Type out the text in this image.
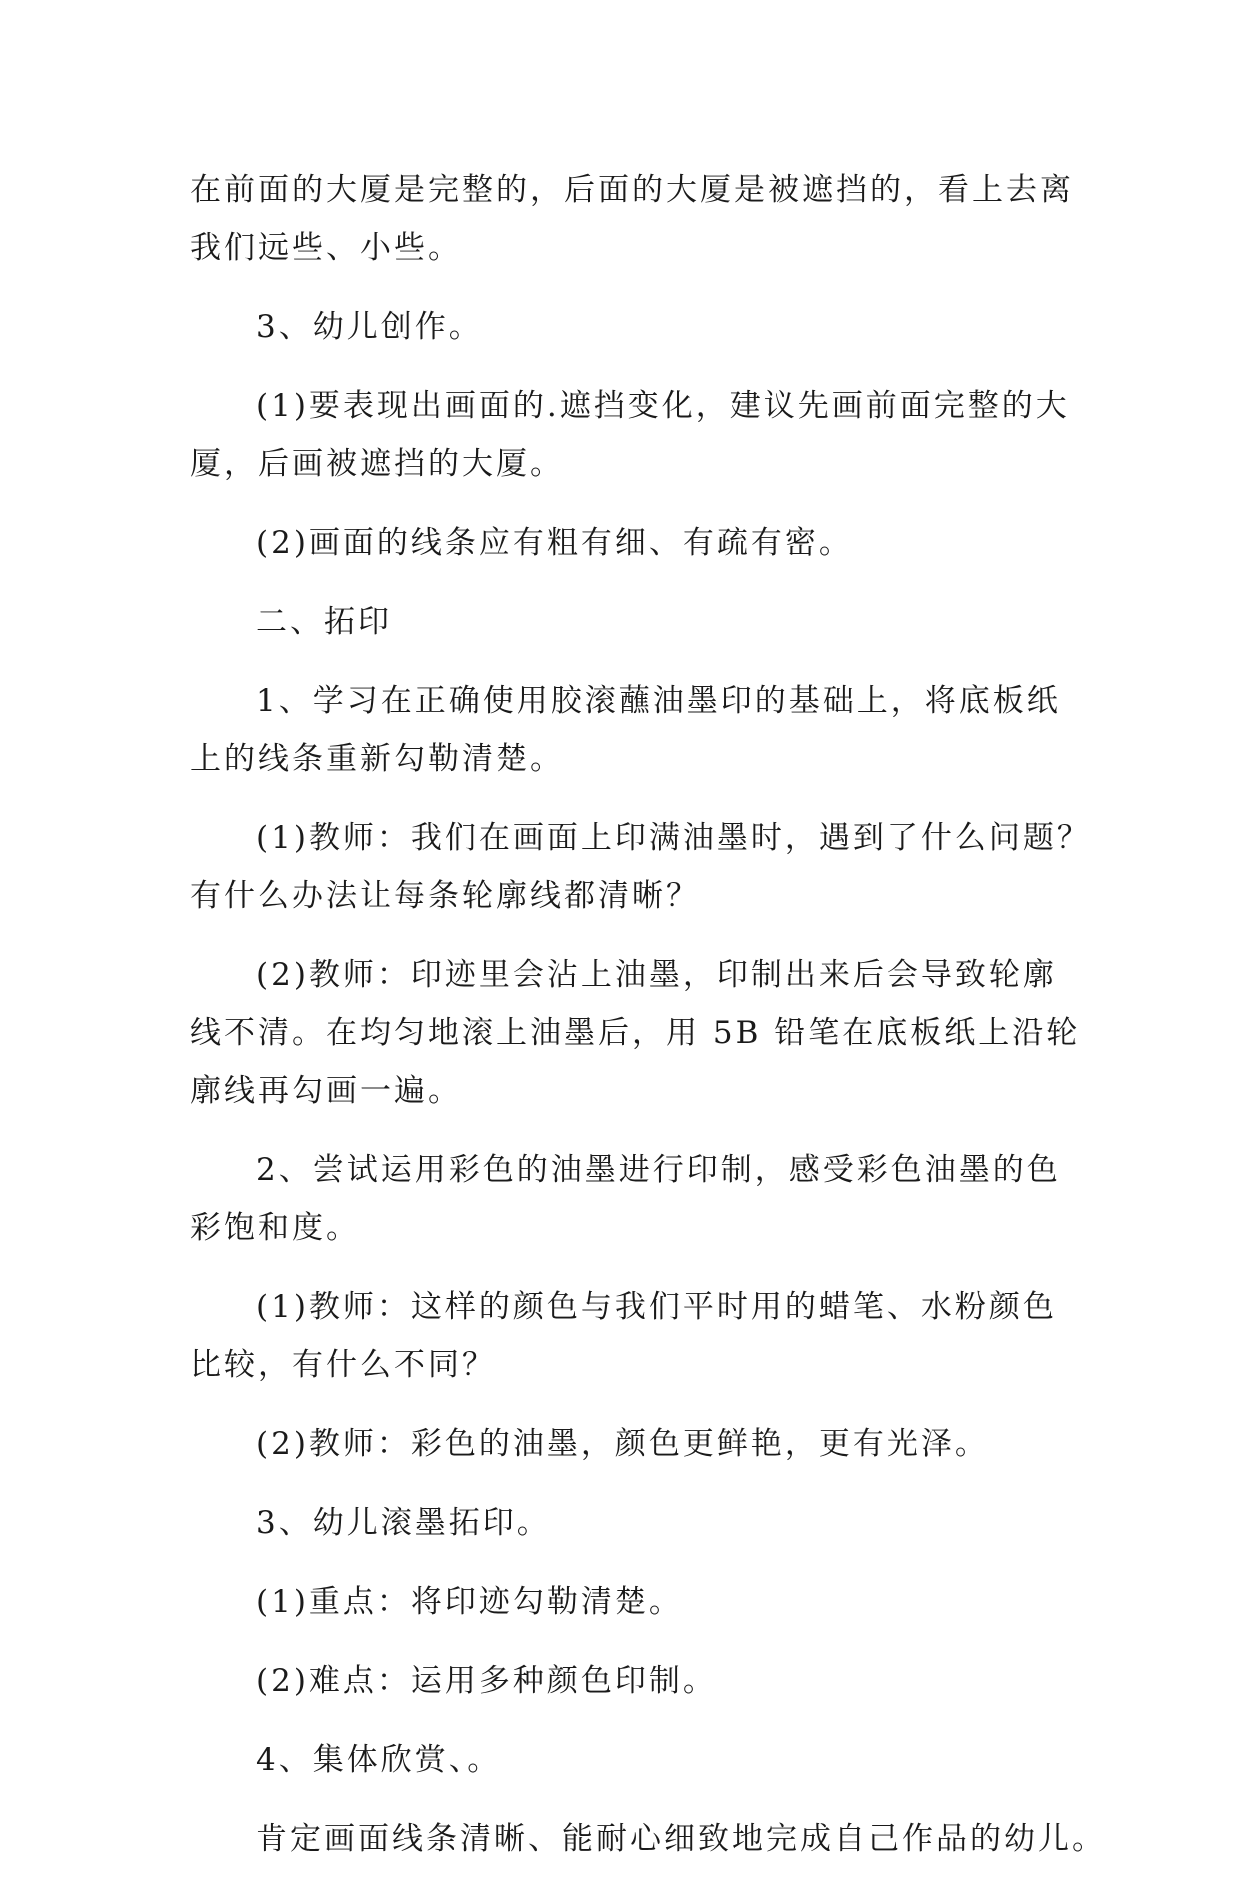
在前面的大厦是完整的，后面的大厦是被遮挡的，看上去离
我们远些、小些。
3、幼儿创作。
(1)要表现出画面的.遮挡变化，建议先画前面完整的大
厦，后画被遮挡的大厦。
(2)画面的线条应有粗有细、有疏有密。
二、拓印
1、学习在正确使用胶滚蘸油墨印的基础上，将底板纸
上的线条重新勾勒清楚。
(1)教师：我们在画面上印满油墨时，遇到了什么问题？
有什么办法让每条轮廓线都清晰？
(2)教师：印迹里会沾上油墨，印制出来后会导致轮廓
线不清。在均匀地滚上油墨后，用 5B 铅笔在底板纸上沿轮
廓线再勾画一遍。
2、尝试运用彩色的油墨进行印制，感受彩色油墨的色
彩饱和度。
(1)教师：这样的颜色与我们平时用的蜡笔、水粉颜色
比较，有什么不同？
(2)教师：彩色的油墨，颜色更鲜艳，更有光泽。
3、幼儿滚墨拓印。
(1)重点：将印迹勾勒清楚。
(2)难点：运用多种颜色印制。
4、集体欣赏、。
肯定画面线条清晰、能耐心细致地完成自己作品的幼儿。
